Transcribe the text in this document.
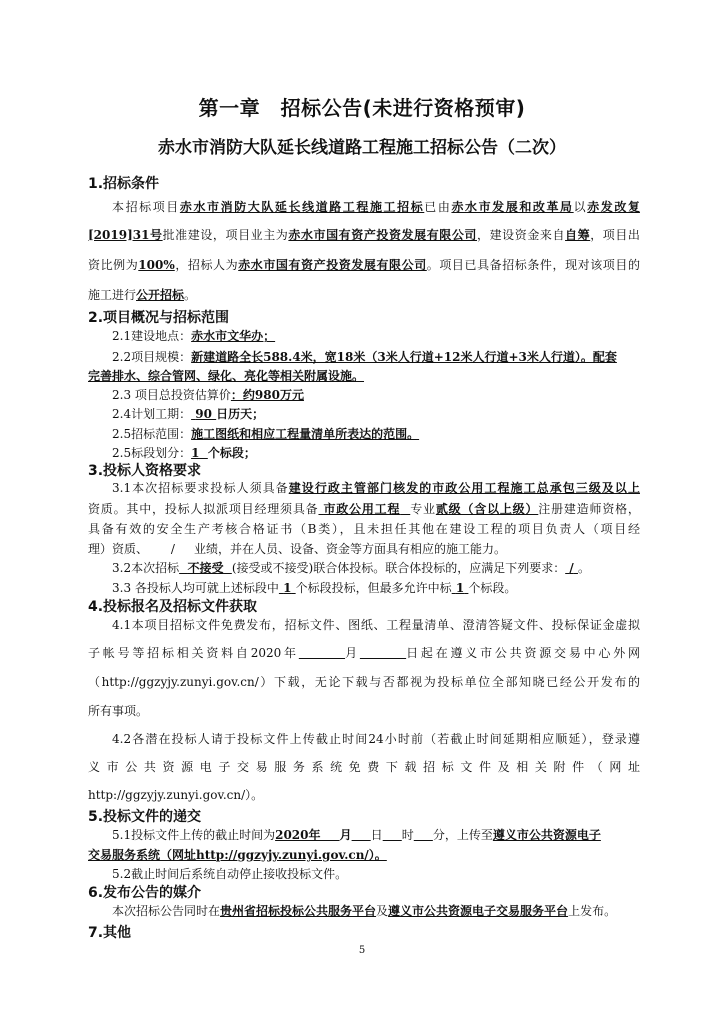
第一章　招标公告(未进行资格预审)
赤水市消防大队延长线道路工程施工招标公告（二次）
1.招标条件
本招标项目赤水市消防大队延长线道路工程施工招标已由赤水市发展和改革局以赤发改复
[2019]31号批准建设，项目业主为赤水市国有资产投资发展有限公司，建设资金来自自筹，项目出
资比例为100%，招标人为赤水市国有资产投资发展有限公司。项目已具备招标条件，现对该项目的
施工进行公开招标。
2.项目概况与招标范围
2.1建设地点：赤水市文华办；
2.2项目规模：新建道路全长588.4米，宽18米（3米人行道+12米人行道+3米人行道）。配套
完善排水、综合管网、绿化、亮化等相关附属设施。
2.3 项目总投资估算价：约980万元
2.4计划工期： 90 日历天；
2.5招标范围：施工图纸和相应工程量清单所表达的范围。
2.5标段划分：1 个标段；
3.投标人资格要求
3.1本次招标要求投标人须具备建设行政主管部门核发的市政公用工程施工总承包三级及以上
资质。其中，投标人拟派项目经理须具备 市政公用工程 专业贰级（含以上级）注册建造师资格，
具备有效的安全生产考核合格证书（B类），且未担任其他在建设工程的项目负责人（项目经
理）资质、 / 业绩，并在人员、设备、资金等方面具有相应的施工能力。
3.2本次招标 不接受 (接受或不接受)联合体投标。联合体投标的，应满足下列要求： / 。
3.3 各投标人均可就上述标段中 1 个标段投标，但最多允许中标 1 个标段。
4.投标报名及招标文件获取
4.1本项目招标文件免费发布，招标文件、图纸、工程量清单、澄清答疑文件、投标保证金虚拟
子帐号等招标相关资料自2020年	月	日起在遵义市公共资源交易中心外网
（http://ggzyjy.zunyi.gov.cn/）下载，无论下载与否都视为投标单位全部知晓已经公开发布的
所有事项。
4.2各潜在投标人请于投标文件上传截止时间24小时前（若截止时间延期相应顺延），登录遵
义市公共资源电子交易服务系统免费下载招标文件及相关附件（网址
http://ggzyjy.zunyi.gov.cn/）。
5.投标文件的递交
5.1投标文件上传的截止时间为2020年 月 日 时 分，上传至遵义市公共资源电子
交易服务系统（网址http://ggzyjy.zunyi.gov.cn/）。
5.2截止时间后系统自动停止接收投标文件。
6.发布公告的媒介
本次招标公告同时在贵州省招标投标公共服务平台及遵义市公共资源电子交易服务平台上发布。
7.其他
5
